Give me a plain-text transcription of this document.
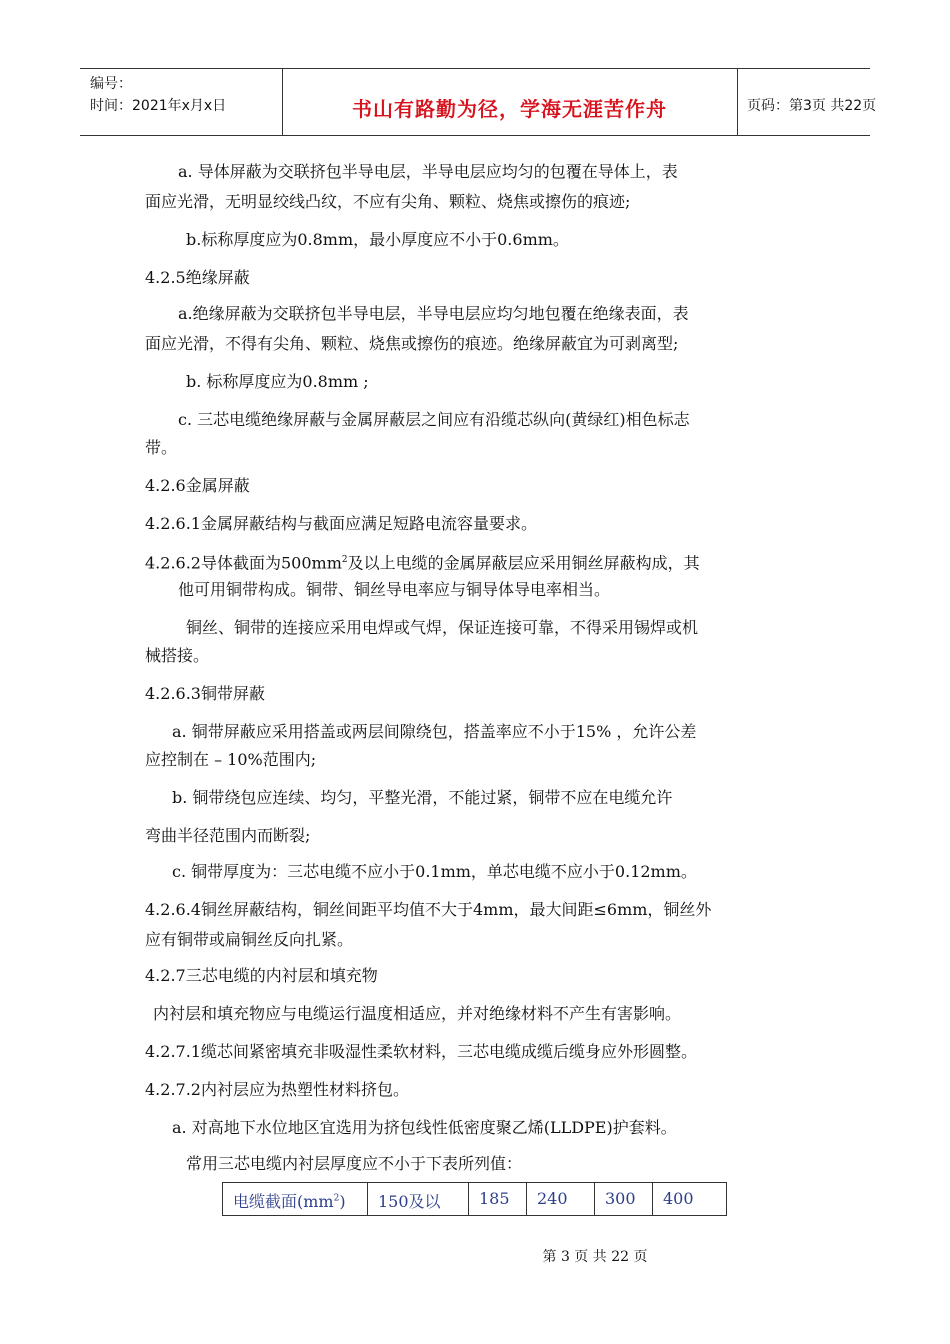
编号：
时间：2021年x月x日	书山有路勤为径，学海无涯苦作舟	页码：第3页 共22页
a. 导体屏蔽为交联挤包半导电层，半导电层应均匀的包覆在导体上，表
面应光滑，无明显绞线凸纹，不应有尖角、颗粒、烧焦或擦伤的痕迹;
b.标称厚度应为0.8mm，最小厚度应不小于0.6mm。
4.2.5绝缘屏蔽
a.绝缘屏蔽为交联挤包半导电层，半导电层应均匀地包覆在绝缘表面，表
面应光滑，不得有尖角、颗粒、烧焦或擦伤的痕迹。绝缘屏蔽宜为可剥离型;
b. 标称厚度应为0.8mm ;
c. 三芯电缆绝缘屏蔽与金属屏蔽层之间应有沿缆芯纵向(黄绿红)相色标志
带。
4.2.6金属屏蔽
4.2.6.1金属屏蔽结构与截面应满足短路电流容量要求。
4.2.6.2导体截面为$500mm^2$及以上电缆的金属屏蔽层应采用铜丝屏蔽构成，其
他可用铜带构成。铜带、铜丝导电率应与铜导体导电率相当。
铜丝、铜带的连接应采用电焊或气焊，保证连接可靠，不得采用锡焊或机
械搭接。
4.2.6.3铜带屏蔽
a. 铜带屏蔽应采用搭盖或两层间隙绕包，搭盖率应不小于15% ，允许公差
应控制在 – 10%范围内;
b. 铜带绕包应连续、均匀，平整光滑，不能过紧，铜带不应在电缆允许
弯曲半径范围内而断裂;
c. 铜带厚度为：三芯电缆不应小于0.1mm，单芯电缆不应小于0.12mm。
4.2.6.4铜丝屏蔽结构，铜丝间距平均值不大于4mm，最大间距≤6mm，铜丝外
应有铜带或扁铜丝反向扎紧。
4.2.7三芯电缆的内衬层和填充物
内衬层和填充物应与电缆运行温度相适应，并对绝缘材料不产生有害影响。
4.2.7.1缆芯间紧密填充非吸湿性柔软材料，三芯电缆成缆后缆身应外形圆整。
4.2.7.2内衬层应为热塑性材料挤包。
a. 对高地下水位地区宜选用为挤包线性低密度聚乙烯(LLDPE)护套料。
常用三芯电缆内衬层厚度应不小于下表所列值：
电缆截面$(mm^2)$	150及以	185	240	300	400
第 3 页 共 22 页
